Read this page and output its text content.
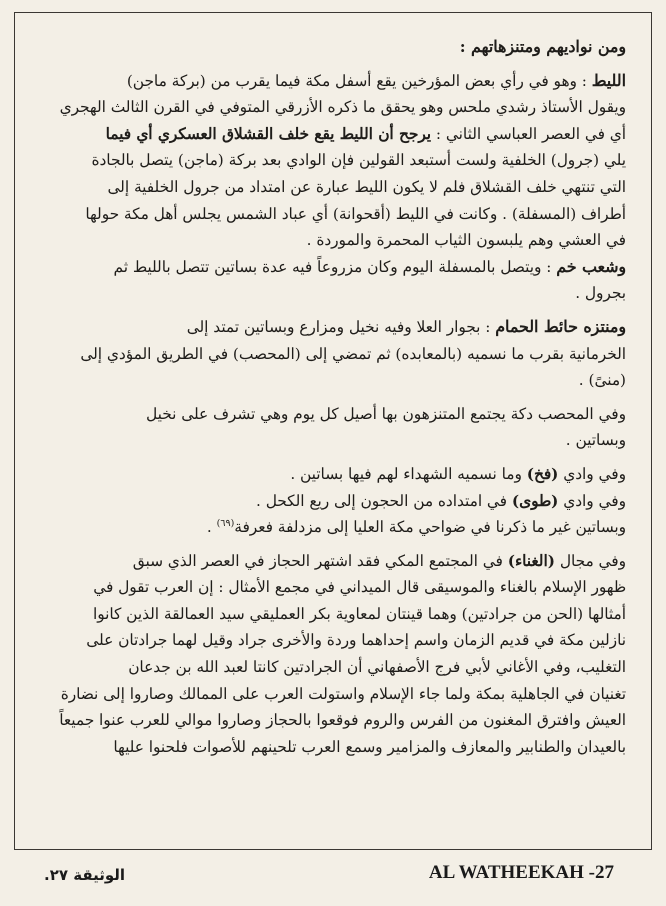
ومن نواديهم ومتنزهاتهم :

الليط : وهو في رأي بعض المؤرخين يقع أسفل مكة فيما يقرب من (بركة ماجن)
ويقول الأستاذ رشدي ملحس وهو يحقق ما ذكره الأزرقي المتوفي في القرن الثالث الهجري
أي في العصر العباسي الثاني : يرجح أن الليط يقع خلف القشلاق العسكري أي فيما
يلي (جرول) الخلفية ولست أستبعد القولين فإن الوادي بعد بركة (ماجن) يتصل بالجادة
التي تنتهي خلف القشلاق فلم لا يكون الليط عبارة عن امتداد من جرول الخلفية إلى
أطراف (المسفلة) . وكانت في الليط (أقحوانة) أي عباد الشمس يجلس أهل مكة حولها
في العشي وهم يلبسون الثياب المحمرة والموردة .

وشعب خم : ويتصل بالمسفلة اليوم وكان مزروعاً فيه عدة بساتين تتصل بالليط ثم
بجرول .

ومنتزه حائط الحمام : بجوار العلا وفيه نخيل ومزارع وبساتين تمتد إلى
الخرمانية بقرب ما نسميه (بالمعابده) ثم تمضي إلى (المحصب) في الطريق المؤدي إلى
(منىً) .

وفي المحصب دكة يجتمع المتنزهون بها أصيل كل يوم وهي تشرف على نخيل
وبساتين .

وفي وادي (فخ) وما نسميه الشهداء لهم فيها بساتين .

وفي وادي (طوى) في امتداده من الحجون إلى ريع الكحل .

وبساتين غير ما ذكرنا في ضواحي مكة العليا إلى مزدلفة فعرفة$^{(٦٩)}$ .

وفي مجال (الغناء) في المجتمع المكي فقد اشتهر الحجاز في العصر الذي سبق
ظهور الإسلام بالغناء والموسيقى قال الميداني في مجمع الأمثال : إن العرب تقول في
أمثالها (الحن من جرادتين) وهما قينتان لمعاوية بكر العمليقي سيد العمالقة الذين كانوا
نازلين مكة في قديم الزمان واسم إحداهما وردة والأخرى جراد وقيل لهما جرادتان على
التغليب، وفي الأغاني لأبي فرج الأصفهاني أن الجرادتين كانتا لعبد الله بن جدعان
تغنيان في الجاهلية بمكة ولما جاء الإسلام واستولت العرب على الممالك وصاروا إلى نضارة
العيش وافترق المغنون من الفرس والروم فوقعوا بالحجاز وصاروا موالي للعرب عنوا جميعاً
بالعيدان والطنابير والمعازف والمزامير وسمع العرب تلحينهم للأصوات فلحنوا عليها

الوثيقة ٢٧.	AL WATHEEKAH -27
